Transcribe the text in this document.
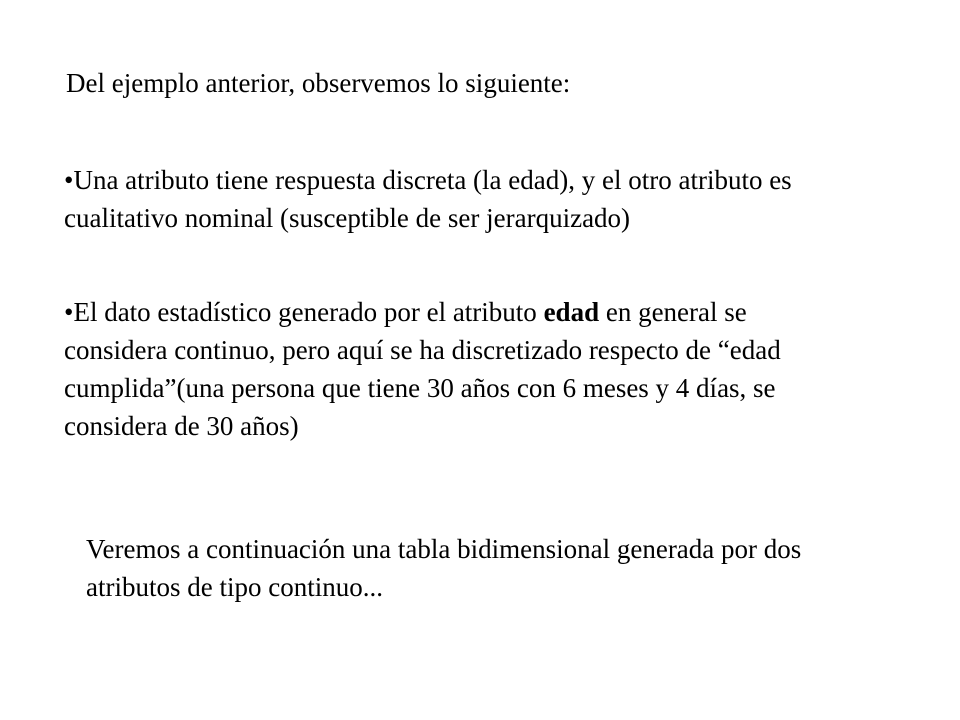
Del ejemplo anterior, observemos lo siguiente:
•Una atributo tiene respuesta discreta (la edad), y el otro atributo es cualitativo nominal (susceptible de ser jerarquizado)
•El dato estadístico generado por el atributo edad en general se considera continuo, pero aquí se ha discretizado respecto de “edad cumplida”(una persona que tiene 30 años con 6 meses y 4 días, se considera de 30 años)
Veremos a continuación una tabla bidimensional generada por dos atributos de tipo continuo...
